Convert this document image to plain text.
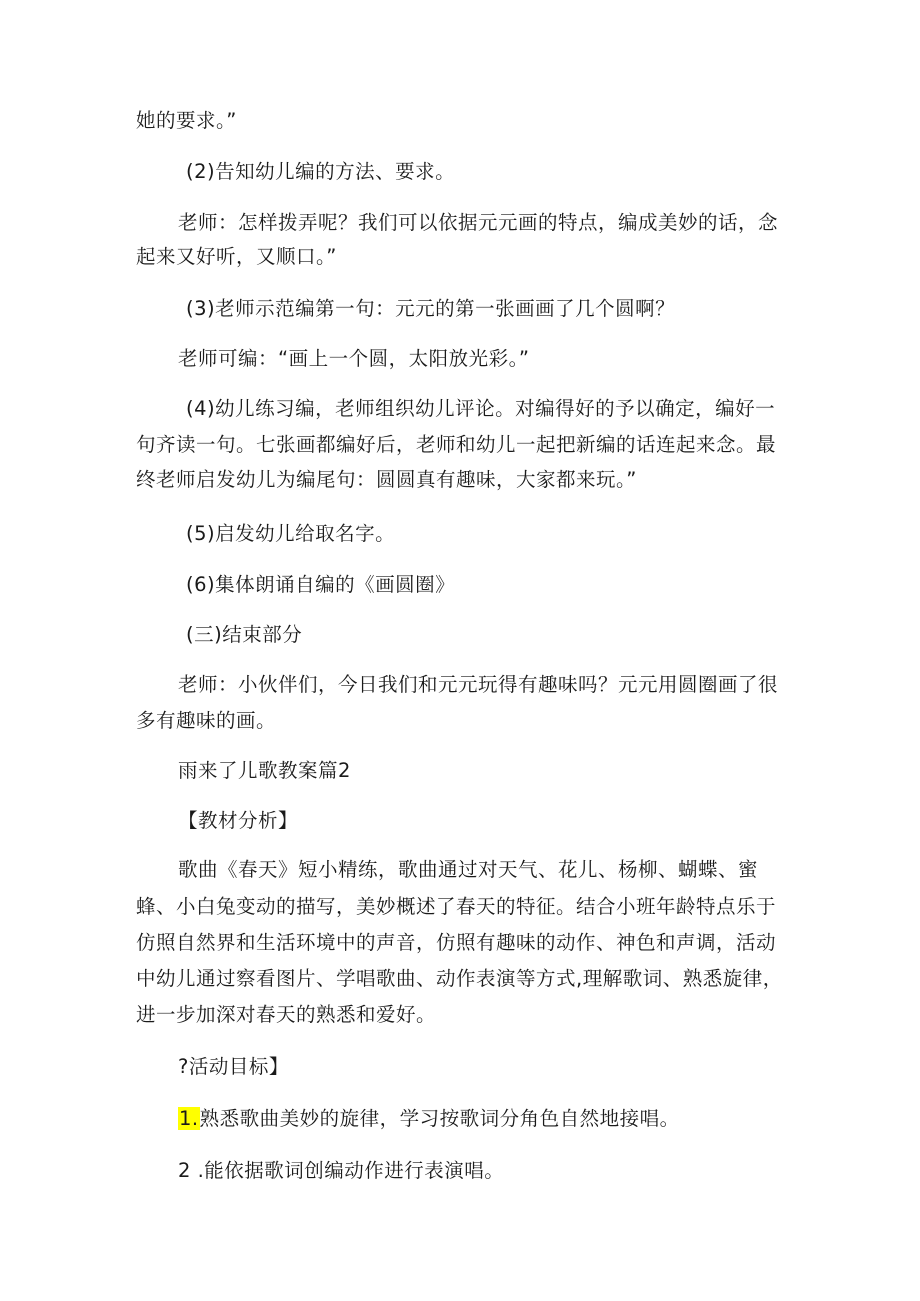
她的要求。”
(2)告知幼儿编的方法、要求。
老师：怎样拨弄呢？我们可以依据元元画的特点，编成美妙的话，念
起来又好听，又顺口。”
(3)老师示范编第一句：元元的第一张画画了几个圆啊？
老师可编：“画上一个圆，太阳放光彩。”
(4)幼儿练习编，老师组织幼儿评论。对编得好的予以确定，编好一
句齐读一句。七张画都编好后，老师和幼儿一起把新编的话连起来念。最
终老师启发幼儿为编尾句：圆圆真有趣味，大家都来玩。”
(5)启发幼儿给取名字。
(6)集体朗诵自编的《画圆圈》
(三)结束部分
老师：小伙伴们，今日我们和元元玩得有趣味吗？元元用圆圈画了很
多有趣味的画。
雨来了儿歌教案篇2
【教材分析】
歌曲《春天》短小精练，歌曲通过对天气、花儿、杨柳、蝴蝶、蜜
蜂、小白兔变动的描写，美妙概述了春天的特征。结合小班年龄特点乐于
仿照自然界和生活环境中的声音，仿照有趣味的动作、神色和声调，活动
中幼儿通过察看图片、学唱歌曲、动作表演等方式,理解歌词、熟悉旋律，
进一步加深对春天的熟悉和爱好。
?活动目标】
1.熟悉歌曲美妙的旋律，学习按歌词分角色自然地接唱。
2 .能依据歌词创编动作进行表演唱。
